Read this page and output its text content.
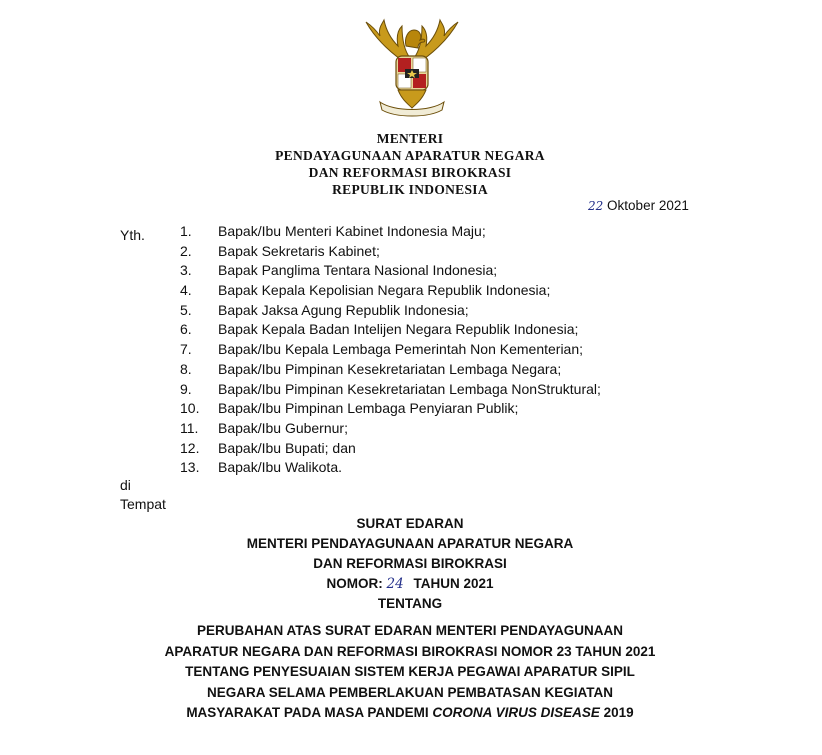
MENTERI
PENDAYAGUNAAN APARATUR NEGARA
DAN REFORMASI BIROKRASI
REPUBLIK INDONESIA
22 Oktober 2021
Yth.	1. Bapak/Ibu Menteri Kabinet Indonesia Maju;
2. Bapak Sekretaris Kabinet;
3. Bapak Panglima Tentara Nasional Indonesia;
4. Bapak Kepala Kepolisian Negara Republik Indonesia;
5. Bapak Jaksa Agung Republik Indonesia;
6. Bapak Kepala Badan Intelijen Negara Republik Indonesia;
7. Bapak/Ibu Kepala Lembaga Pemerintah Non Kementerian;
8. Bapak/Ibu Pimpinan Kesekretariatan Lembaga Negara;
9. Bapak/Ibu Pimpinan Kesekretariatan Lembaga NonStruktural;
10. Bapak/Ibu Pimpinan Lembaga Penyiaran Publik;
11. Bapak/Ibu Gubernur;
12. Bapak/Ibu Bupati; dan
13. Bapak/Ibu Walikota.
di
Tempat
SURAT EDARAN
MENTERI PENDAYAGUNAAN APARATUR NEGARA
DAN REFORMASI BIROKRASI
NOMOR: 24 TAHUN 2021
TENTANG
PERUBAHAN ATAS SURAT EDARAN MENTERI PENDAYAGUNAAN
APARATUR NEGARA DAN REFORMASI BIROKRASI NOMOR 23 TAHUN 2021
TENTANG PENYESUAIAN SISTEM KERJA PEGAWAI APARATUR SIPIL
NEGARA SELAMA PEMBERLAKUAN PEMBATASAN KEGIATAN
MASYARAKAT PADA MASA PANDEMI CORONA VIRUS DISEASE 2019
